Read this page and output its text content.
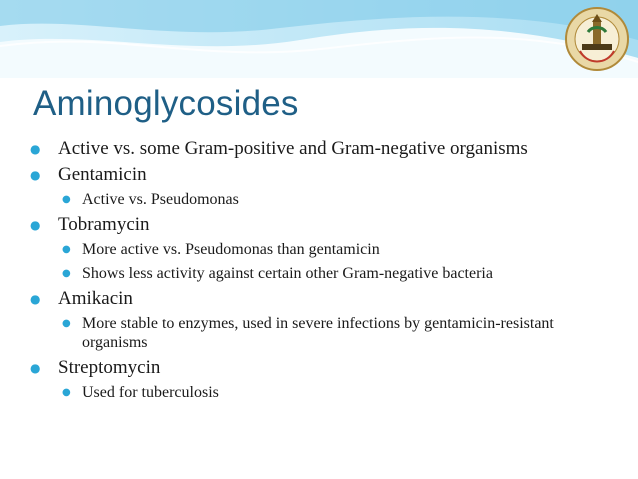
Aminoglycosides
● Active vs. some Gram-positive and Gram-negative organisms
● Gentamicin
● Active vs. Pseudomonas
● Tobramycin
● More active vs. Pseudomonas than gentamicin
● Shows less activity against certain other Gram-negative bacteria
● Amikacin
● More stable to enzymes, used in severe infections by gentamicin-resistant organisms
● Streptomycin
● Used for tuberculosis
